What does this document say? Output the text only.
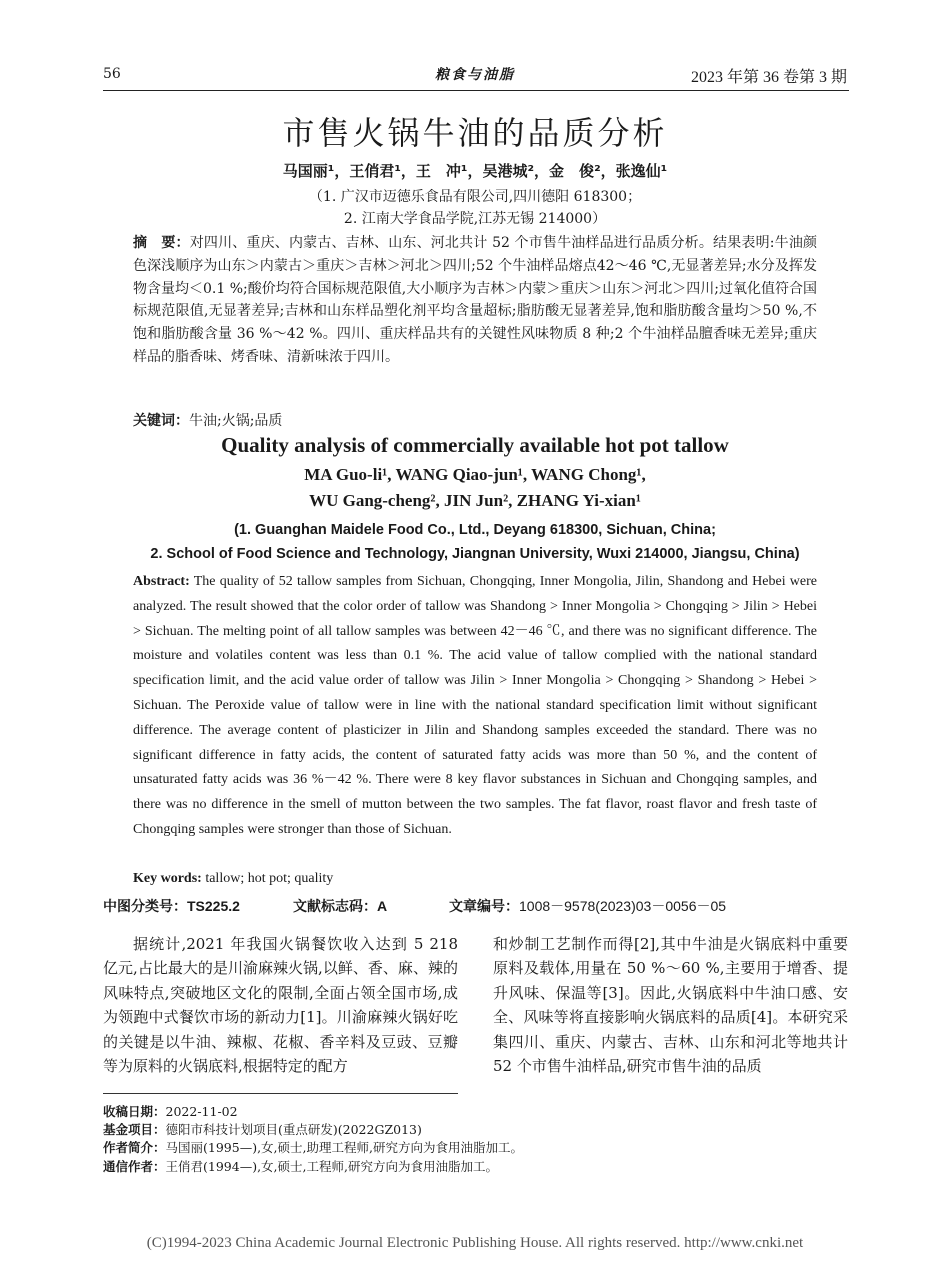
56	粮食与油脂	2023 年第 36 卷第 3 期
市售火锅牛油的品质分析
马国丽¹，王俏君¹，王　冲¹，吴港城²，金　俊²，张逸仙¹
（1. 广汉市迈德乐食品有限公司,四川德阳 618300；
2. 江南大学食品学院,江苏无锡 214000）
摘　要：对四川、重庆、内蒙古、吉林、山东、河北共计 52 个市售牛油样品进行品质分析。结果表明:牛油颜色深浅顺序为山东＞内蒙古＞重庆＞吉林＞河北＞四川;52 个牛油样品熔点42～46 ℃,无显著差异;水分及挥发物含量均＜0.1 %;酸价均符合国标规范限值,大小顺序为吉林＞内蒙＞重庆＞山东＞河北＞四川;过氧化值符合国标规范限值,无显著差异;吉林和山东样品塑化剂平均含量超标;脂肪酸无显著差异,饱和脂肪酸含量均＞50 %,不饱和脂肪酸含量 36 %～42 %。四川、重庆样品共有的关键性风味物质 8 种;2 个牛油样品膻香味无差异;重庆样品的脂香味、烤香味、清新味浓于四川。
关键词：牛油;火锅;品质
Quality analysis of commercially available hot pot tallow
MA Guo-li¹, WANG Qiao-jun¹, WANG Chong¹,
WU Gang-cheng², JIN Jun², ZHANG Yi-xian¹
(1. Guanghan Maidele Food Co., Ltd., Deyang 618300, Sichuan, China;
2. School of Food Science and Technology, Jiangnan University, Wuxi 214000, Jiangsu, China)
Abstract: The quality of 52 tallow samples from Sichuan, Chongqing, Inner Mongolia, Jilin, Shandong and Hebei were analyzed. The result showed that the color order of tallow was Shandong > Inner Mongolia > Chongqing > Jilin > Hebei > Sichuan. The melting point of all tallow samples was between 42－46 ℃, and there was no significant difference. The moisture and volatiles content was less than 0.1 %. The acid value of tallow complied with the national standard specification limit, and the acid value order of tallow was Jilin > Inner Mongolia > Chongqing > Shandong > Hebei > Sichuan. The Peroxide value of tallow were in line with the national standard specification limit without significant difference. The average content of plasticizer in Jilin and Shandong samples exceeded the standard. There was no significant difference in fatty acids, the content of saturated fatty acids was more than 50 %, and the content of unsaturated fatty acids was 36 %－42 %. There were 8 key flavor substances in Sichuan and Chongqing samples, and there was no difference in the smell of mutton between the two samples. The fat flavor, roast flavor and fresh taste of Chongqing samples were stronger than those of Sichuan.
Key words: tallow; hot pot; quality
中图分类号：TS225.2	文献标志码：A	文章编号：1008－9578(2023)03－0056－05
据统计,2021 年我国火锅餐饮收入达到 5 218 亿元,占比最大的是川渝麻辣火锅,以鲜、香、麻、辣的风味特点,突破地区文化的限制,全面占领全国市场,成为领跑中式餐饮市场的新动力[1]。川渝麻辣火锅好吃的关键是以牛油、辣椒、花椒、香辛料及豆豉、豆瓣等为原料的火锅底料,根据特定的配方
和炒制工艺制作而得[2],其中牛油是火锅底料中重要原料及载体,用量在 50 %～60 %,主要用于增香、提升风味、保温等[3]。因此,火锅底料中牛油口感、安全、风味等将直接影响火锅底料的品质[4]。本研究采集四川、重庆、内蒙古、吉林、山东和河北等地共计 52 个市售牛油样品,研究市售牛油的品质
收稿日期：2022-11-02
基金项目：德阳市科技计划项目(重点研发)(2022GZ013)
作者简介：马国丽(1995—),女,硕士,助理工程师,研究方向为食用油脂加工。
通信作者：王俏君(1994—),女,硕士,工程师,研究方向为食用油脂加工。
(C)1994-2023 China Academic Journal Electronic Publishing House. All rights reserved. http://www.cnki.net
